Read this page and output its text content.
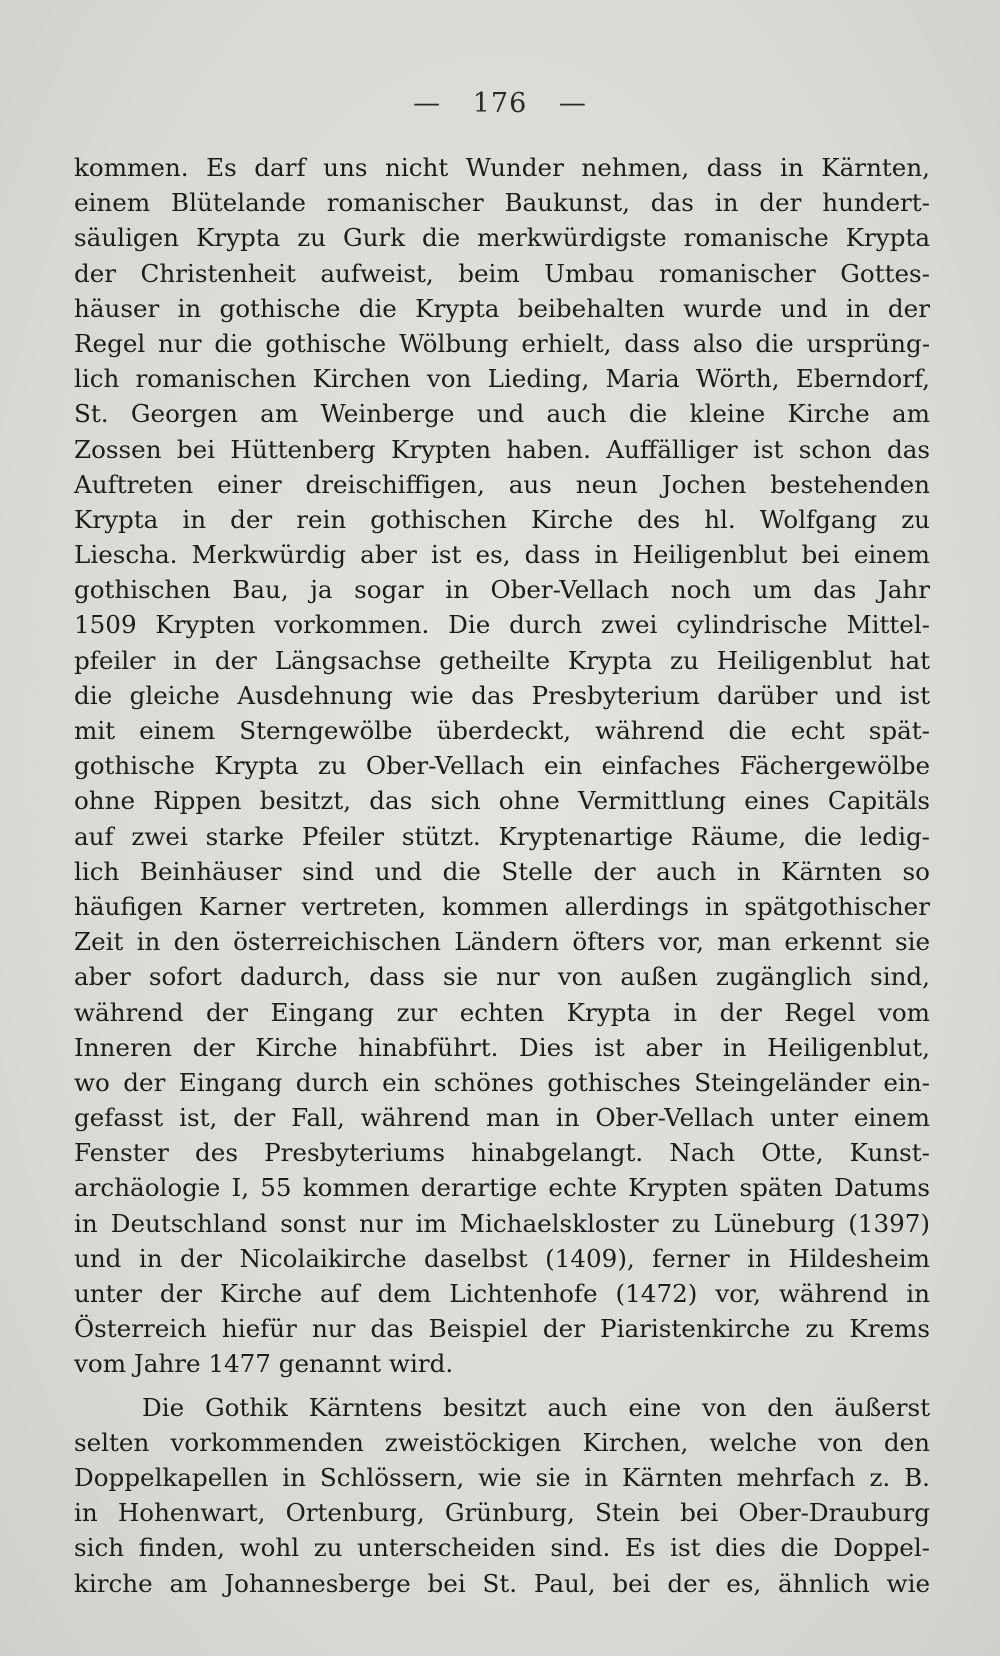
— 176 —
kommen. Es darf uns nicht Wunder nehmen, dass in Kärnten,
einem Blütelande romanischer Baukunst, das in der hundert-
säuligen Krypta zu Gurk die merkwürdigste romanische Krypta
der Christenheit aufweist, beim Umbau romanischer Gottes-
häuser in gothische die Krypta beibehalten wurde und in der
Regel nur die gothische Wölbung erhielt, dass also die ursprüng-
lich romanischen Kirchen von Lieding, Maria Wörth, Eberndorf,
St. Georgen am Weinberge und auch die kleine Kirche am
Zossen bei Hüttenberg Krypten haben. Auffälliger ist schon das
Auftreten einer dreischiffigen, aus neun Jochen bestehenden
Krypta in der rein gothischen Kirche des hl. Wolfgang zu
Liescha. Merkwürdig aber ist es, dass in Heiligenblut bei einem
gothischen Bau, ja sogar in Ober-Vellach noch um das Jahr
1509 Krypten vorkommen. Die durch zwei cylindrische Mittel-
pfeiler in der Längsachse getheilte Krypta zu Heiligenblut hat
die gleiche Ausdehnung wie das Presbyterium darüber und ist
mit einem Sterngewölbe überdeckt, während die echt spät-
gothische Krypta zu Ober-Vellach ein einfaches Fächergewölbe
ohne Rippen besitzt, das sich ohne Vermittlung eines Capitäls
auf zwei starke Pfeiler stützt. Kryptenartige Räume, die ledig-
lich Beinhäuser sind und die Stelle der auch in Kärnten so
häufigen Karner vertreten, kommen allerdings in spätgothischer
Zeit in den österreichischen Ländern öfters vor, man erkennt sie
aber sofort dadurch, dass sie nur von außen zugänglich sind,
während der Eingang zur echten Krypta in der Regel vom
Inneren der Kirche hinabführt. Dies ist aber in Heiligenblut,
wo der Eingang durch ein schönes gothisches Steingeländer ein-
gefasst ist, der Fall, während man in Ober-Vellach unter einem
Fenster des Presbyteriums hinabgelangt. Nach Otte, Kunst-
archäologie I, 55 kommen derartige echte Krypten späten Datums
in Deutschland sonst nur im Michaelskloster zu Lüneburg (1397)
und in der Nicolaikirche daselbst (1409), ferner in Hildesheim
unter der Kirche auf dem Lichtenhofe (1472) vor, während in
Österreich hiefür nur das Beispiel der Piaristenkirche zu Krems
vom Jahre 1477 genannt wird.
Die Gothik Kärntens besitzt auch eine von den äußerst
selten vorkommenden zweistöckigen Kirchen, welche von den
Doppelkapellen in Schlössern, wie sie in Kärnten mehrfach z. B.
in Hohenwart, Ortenburg, Grünburg, Stein bei Ober-Drauburg
sich finden, wohl zu unterscheiden sind. Es ist dies die Doppel-
kirche am Johannesberge bei St. Paul, bei der es, ähnlich wie
